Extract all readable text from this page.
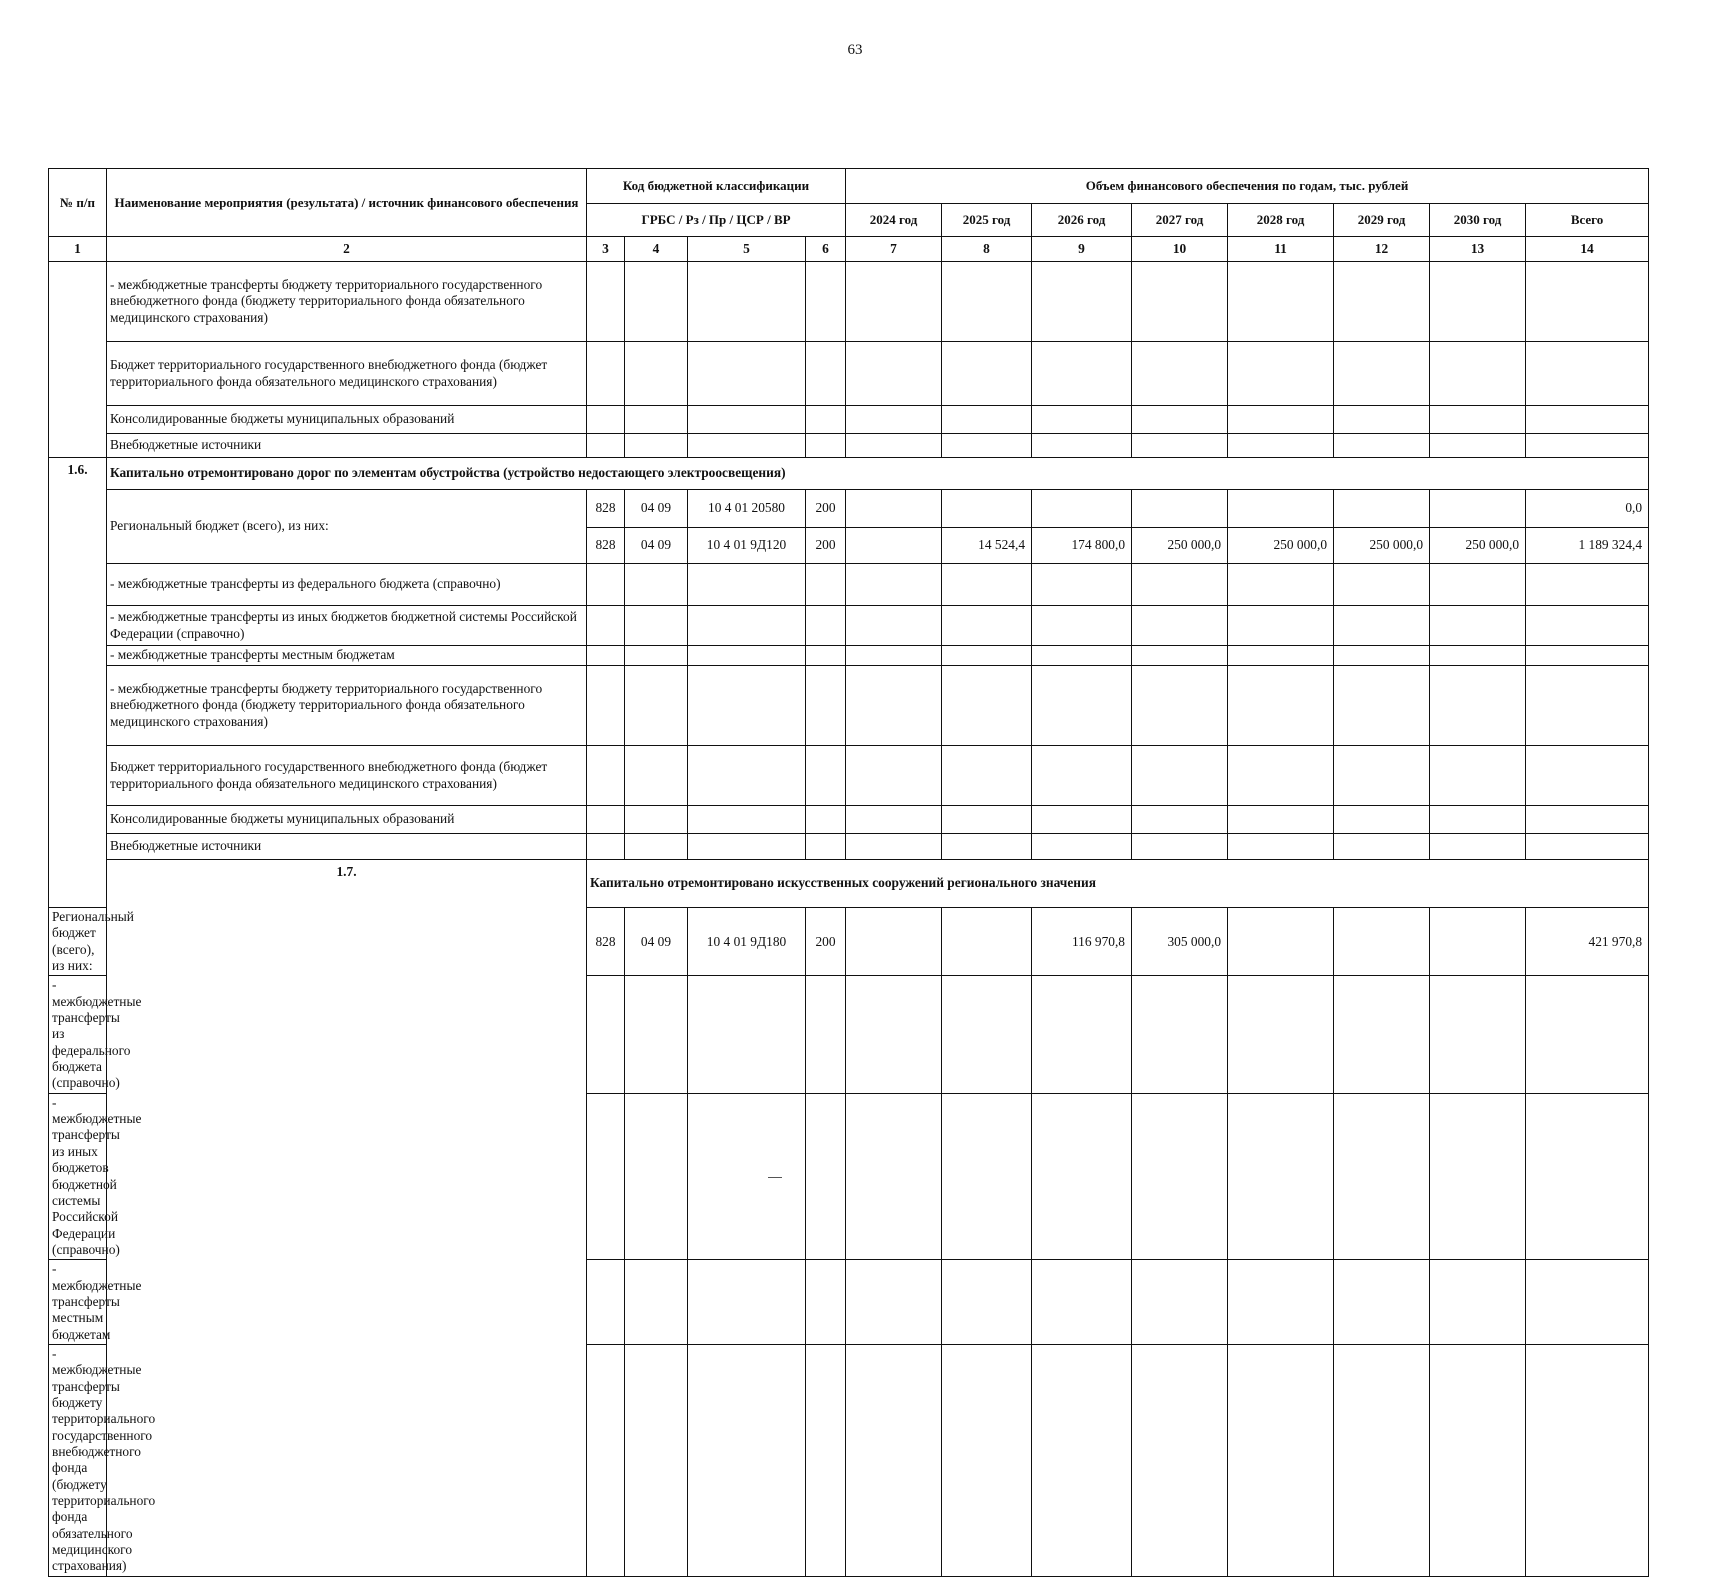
63
№ п/п	Наименование мероприятия (результата) / источник финансового обеспечения	Код бюджетной классификации				Объем финансового обеспечения по годам, тыс. рублей							
		ГРБС / Рз / Пр / ЦСР / ВР				2024 год	2025 год	2026 год	2027 год	2028 год	2029 год	2030 год	Всего
1	2	3	4	5	6	7	8	9	10	11	12	13	14
	- межбюджетные трансферты бюджету территориального государственного внебюджетного фонда (бюджету территориального фонда обязательного медицинского страхования)												
	Бюджет территориального государственного внебюджетного фонда (бюджет территориального фонда обязательного медицинского страхования)												
	Консолидированные бюджеты муниципальных образований												
	Внебюджетные источники												
1.6.	Капитально отремонтировано дорог по элементам обустройства (устройство недостающего электроосвещения)												
	Региональный бюджет (всего), из них:	828	04 09	10 4 01 20580	200								0,0
		828	04 09	10 4 01 9Д120	200		14 524,4	174 800,0	250 000,0	250 000,0	250 000,0	250 000,0	1 189 324,4
	- межбюджетные трансферты из федерального бюджета (справочно)												
	- межбюджетные трансферты из иных бюджетов бюджетной системы Российской Федерации (справочно)												
	- межбюджетные трансферты местным бюджетам												
	- межбюджетные трансферты бюджету территориального государственного внебюджетного фонда (бюджету территориального фонда обязательного медицинского страхования)												
	Бюджет территориального государственного внебюджетного фонда (бюджет территориального фонда обязательного медицинского страхования)												
	Консолидированные бюджеты муниципальных образований												
	Внебюджетные источники												
	1.7.	Капитально отремонтировано искусственных сооружений регионального значения											
Региональный бюджет (всего), из них:		828	04 09	10 4 01 9Д180	200			116 970,8	305 000,0				421 970,8
- межбюджетные трансферты из федерального бюджета (справочно)													
- межбюджетные трансферты из иных бюджетов бюджетной системы Российской Федерации (справочно)													
- межбюджетные трансферты местным бюджетам													
- межбюджетные трансферты бюджету территориального государственного внебюджетного фонда (бюджету территориального фонда обязательного медицинского страхования)													
